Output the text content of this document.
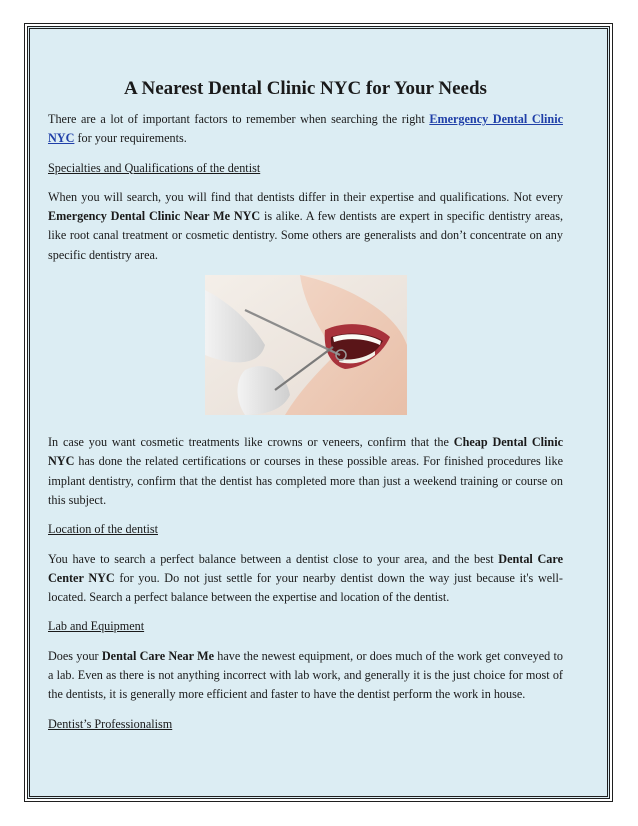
A Nearest Dental Clinic NYC for Your Needs

There are a lot of important factors to remember when searching the right Emergency Dental Clinic NYC for your requirements.

Specialties and Qualifications of the dentist

When you will search, you will find that dentists differ in their expertise and qualifications. Not every Emergency Dental Clinic Near Me NYC is alike. A few dentists are expert in specific dentistry areas, like root canal treatment or cosmetic dentistry. Some others are generalists and don’t concentrate on any specific dentistry area.

In case you want cosmetic treatments like crowns or veneers, confirm that the Cheap Dental Clinic NYC has done the related certifications or courses in these possible areas. For finished procedures like implant dentistry, confirm that the dentist has completed more than just a weekend training or course on this subject.

Location of the dentist

You have to search a perfect balance between a dentist close to your area, and the best Dental Care Center NYC for you. Do not just settle for your nearby dentist down the way just because it's well-located. Search a perfect balance between the expertise and location of the dentist.

Lab and Equipment

Does your Dental Care Near Me have the newest equipment, or does much of the work get conveyed to a lab. Even as there is not anything incorrect with lab work, and generally it is the just choice for most of the dentists, it is generally more efficient and faster to have the dentist perform the work in house.

Dentist’s Professionalism
